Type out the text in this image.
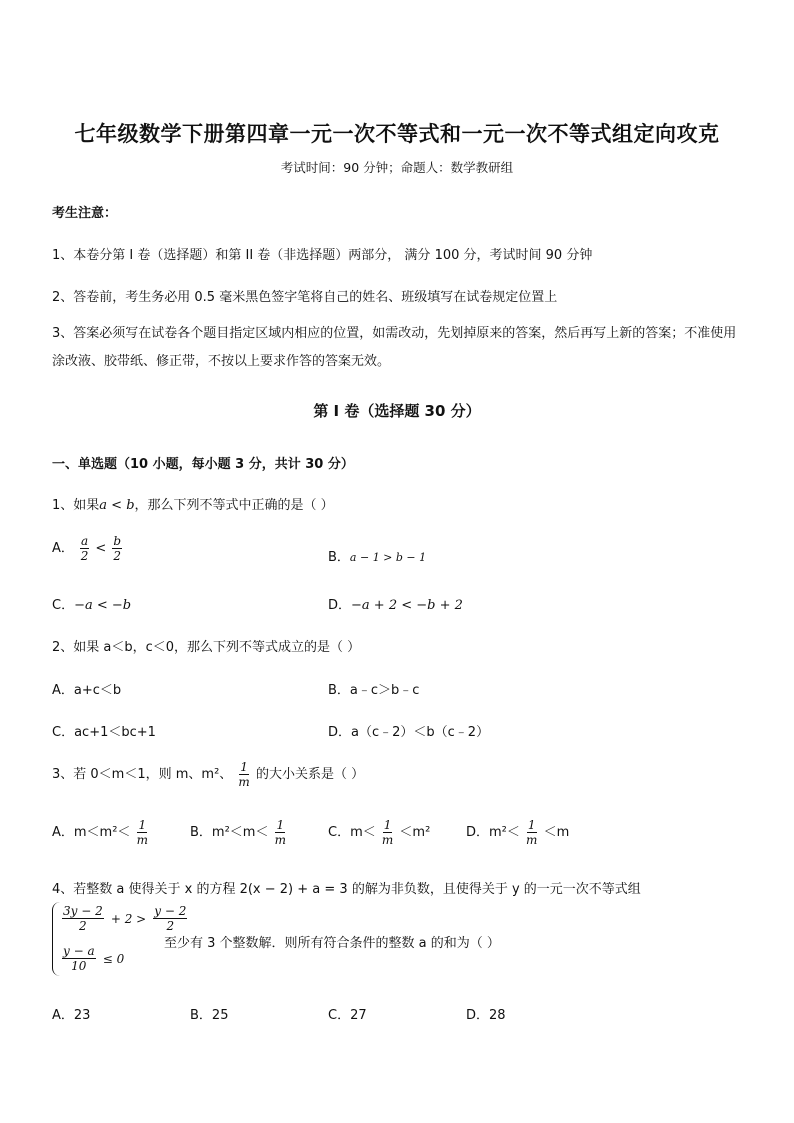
七年级数学下册第四章一元一次不等式和一元一次不等式组定向攻克
考试时间：90 分钟；命题人：数学教研组
考生注意：
1、本卷分第 I 卷（选择题）和第 II 卷（非选择题）两部分， 满分 100 分，考试时间 90 分钟
2、答卷前，考生务必用 0.5 毫米黑色签字笔将自己的姓名、班级填写在试卷规定位置上
3、答案必须写在试卷各个题目指定区域内相应的位置，如需改动，先划掉原来的答案，然后再写上新的答案；不准使用涂改液、胶带纸、修正带，不按以上要求作答的答案无效。
第 I 卷（选择题 30 分）
一、单选题（10 小题，每小题 3 分，共计 30 分）
1、如果a < b，那么下列不等式中正确的是（ ）
A． $\frac{a}{2} < \frac{b}{2}$	B．a − 1 > b − 1
C．−a < −b	D．−a + 2 < −b + 2
2、如果 a＜b，c＜0，那么下列不等式成立的是（ ）
A．a+c＜b	B．a﹣c＞b﹣c
C．ac+1＜bc+1	D．a（c﹣2）＜b（c﹣2）
3、若 0＜m＜1，则 m、m²、 $\frac{1}{m}$ 的大小关系是（ ）
A．$m<m^2< \frac{1}{m}$	B．$m^2<m< \frac{1}{m}$	C．$m< \frac{1}{m} <m^2$	D．$m^2< \frac{1}{m} <m$
4、若整数 a 使得关于 x 的方程 2(x − 2) + a = 3 的解为非负数，且使得关于 y 的一元一次不等式组
$\frac{3y - 2}{2} + 2 > \frac{y - 2}{2}$
$\frac{y - a}{10} \le 0$
至少有 3 个整数解．则所有符合条件的整数 a 的和为（ ）
A．23	B．25	C．27	D．28
